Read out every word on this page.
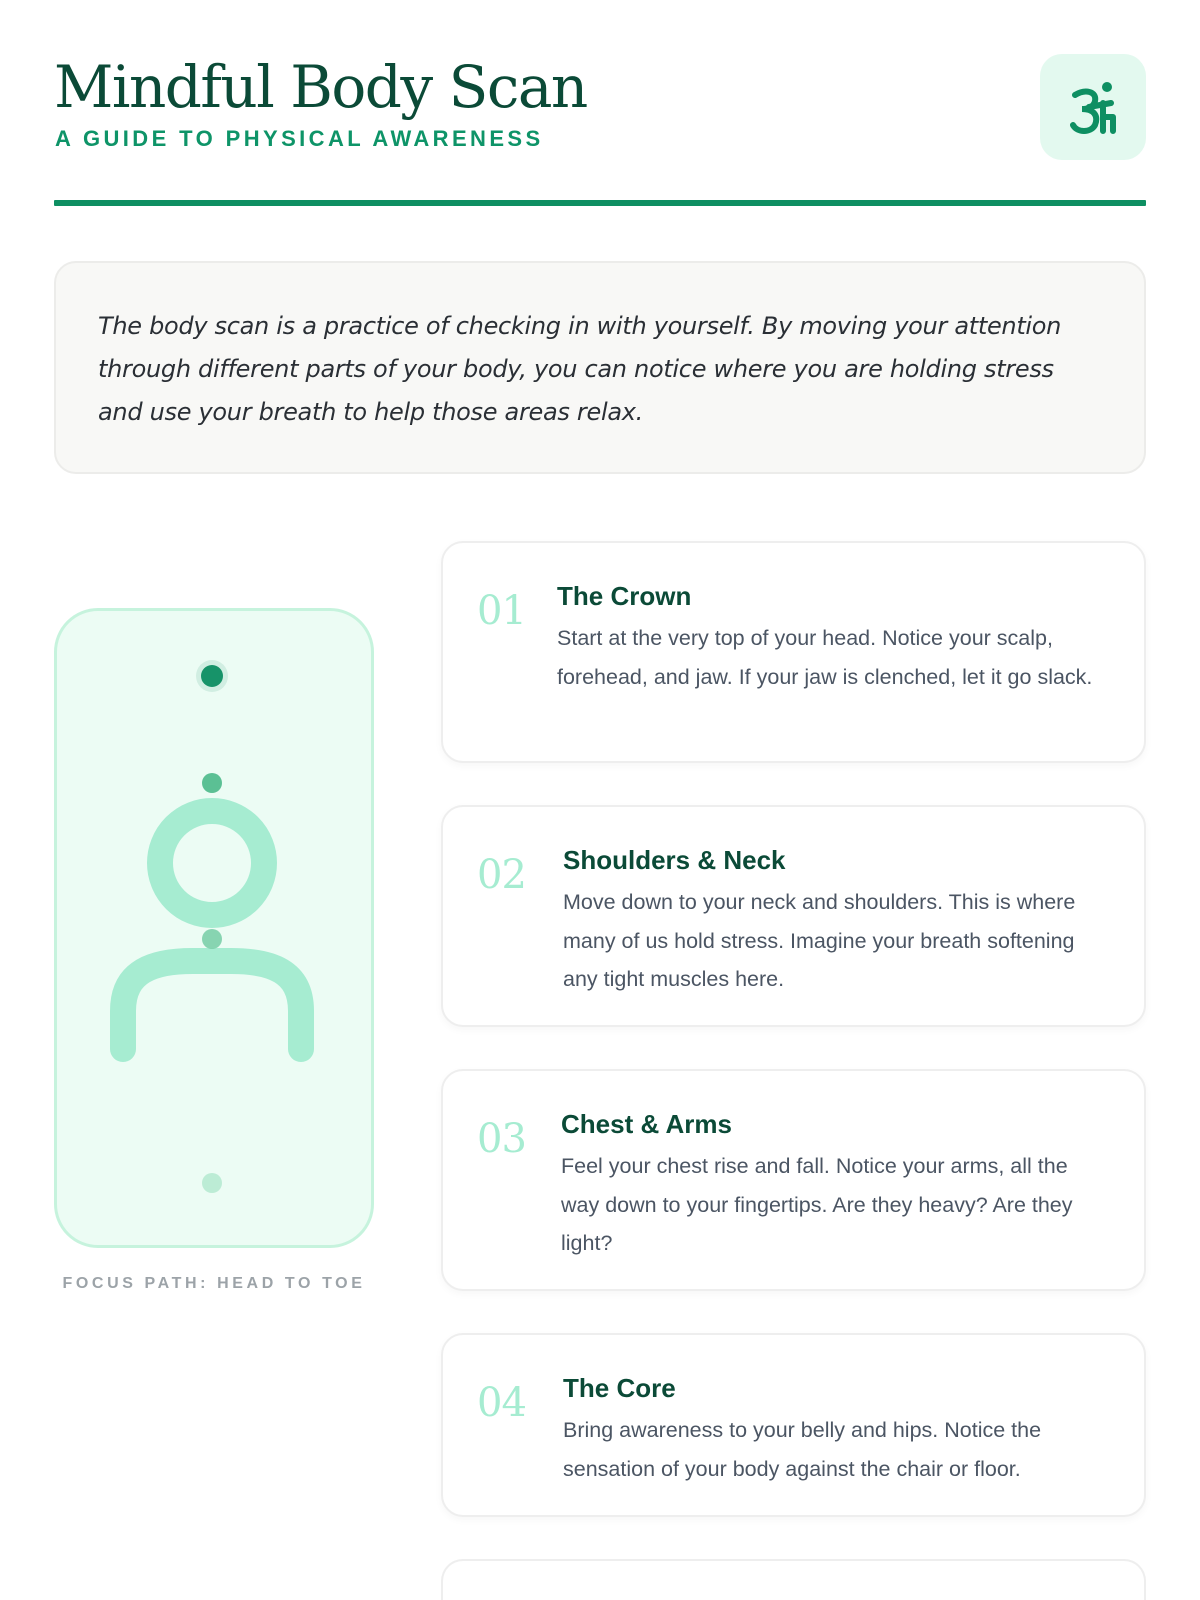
Mindful Body Scan
A GUIDE TO PHYSICAL AWARENESS

The body scan is a practice of checking in with yourself. By moving your attention through different parts of your body, you can notice where you are holding stress and use your breath to help those areas relax.

FOCUS PATH: HEAD TO TOE
01 The Crown
Start at the very top of your head. Notice your scalp, forehead, and jaw. If your jaw is clenched, let it go slack.
02 Shoulders & Neck
Move down to your neck and shoulders. This is where many of us hold stress. Imagine your breath softening any tight muscles here.
03 Chest & Arms
Feel your chest rise and fall. Notice your arms, all the way down to your fingertips. Are they heavy? Are they light?
04 The Core
Bring awareness to your belly and hips. Notice the sensation of your body against the chair or floor.
